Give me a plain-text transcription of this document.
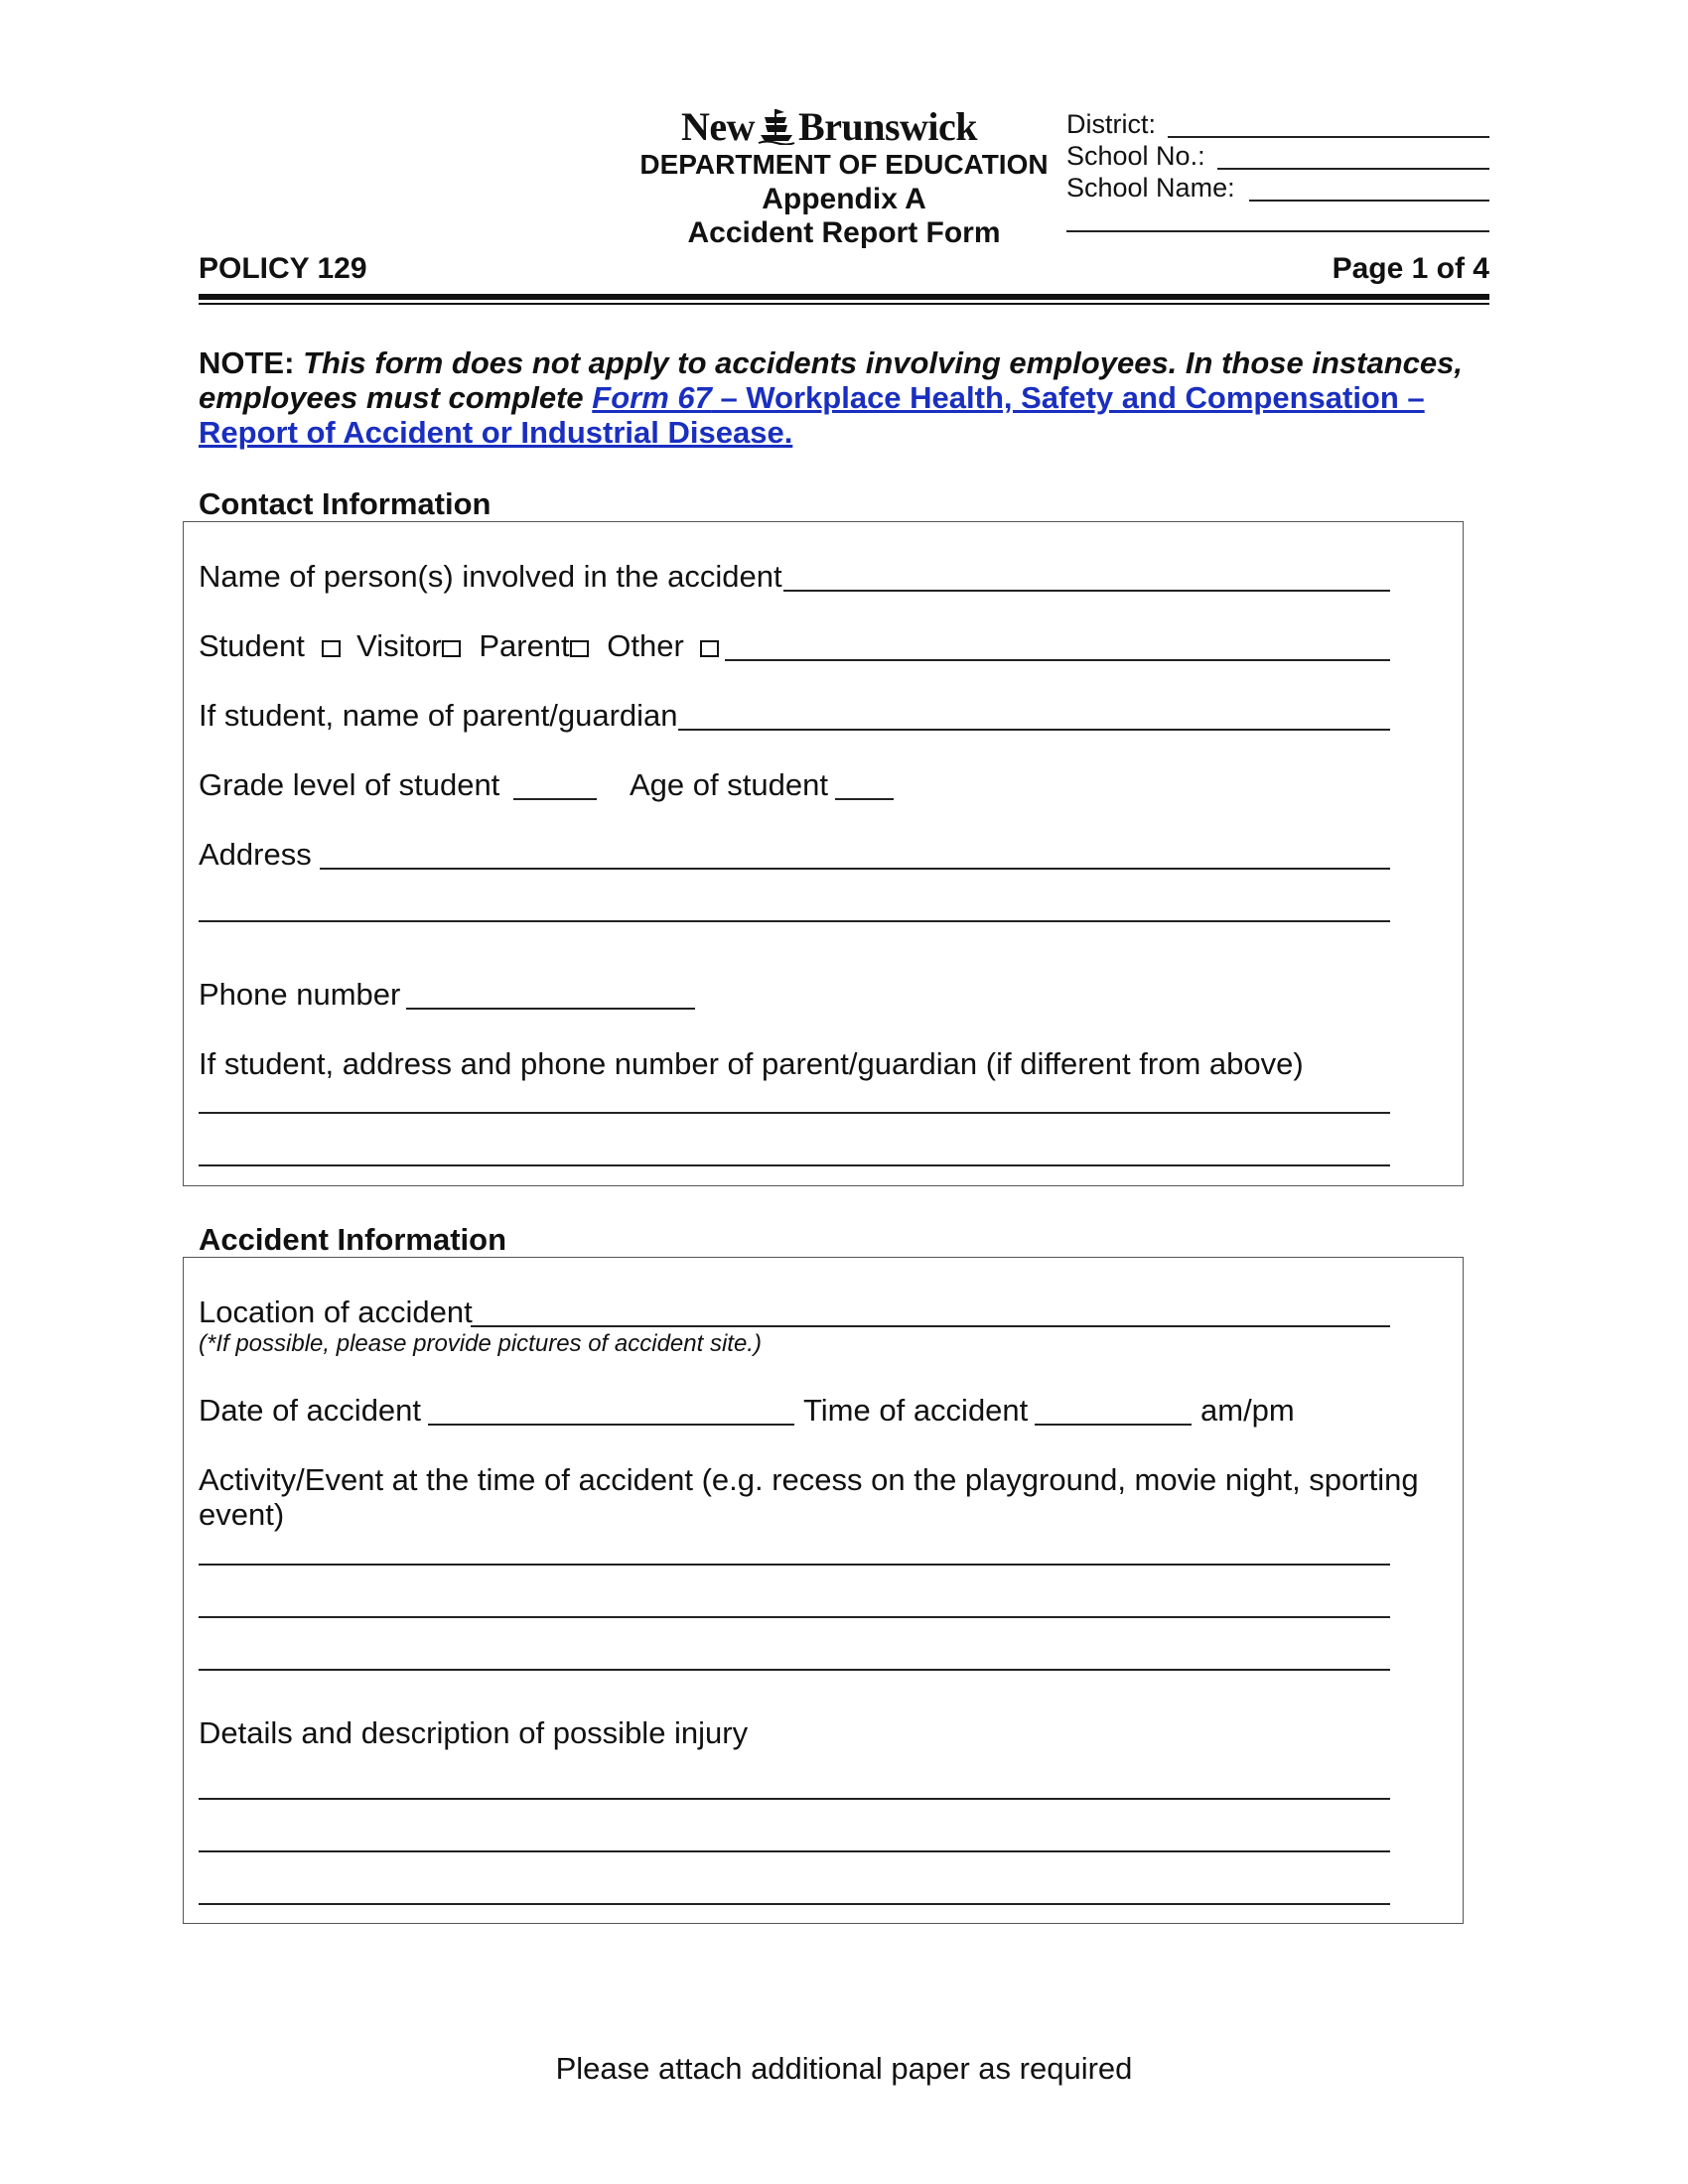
New Brunswick
DEPARTMENT OF EDUCATION
Appendix A
Accident Report Form
District:
School No.:
School Name:
POLICY 129	Page 1 of 4
NOTE: This form does not apply to accidents involving employees. In those instances, employees must complete Form 67 – Workplace Health, Safety and Compensation – Report of Accident or Industrial Disease.
Contact Information
Name of person(s) involved in the accident
Student Visitor Parent Other
If student, name of parent/guardian
Grade level of student	Age of student
Address
Phone number
If student, address and phone number of parent/guardian (if different from above)
Accident Information
Location of accident
(*If possible, please provide pictures of accident site.)
Date of accident	Time of accident	am/pm
Activity/Event at the time of accident (e.g. recess on the playground, movie night, sporting event)
Details and description of possible injury
Please attach additional paper as required
